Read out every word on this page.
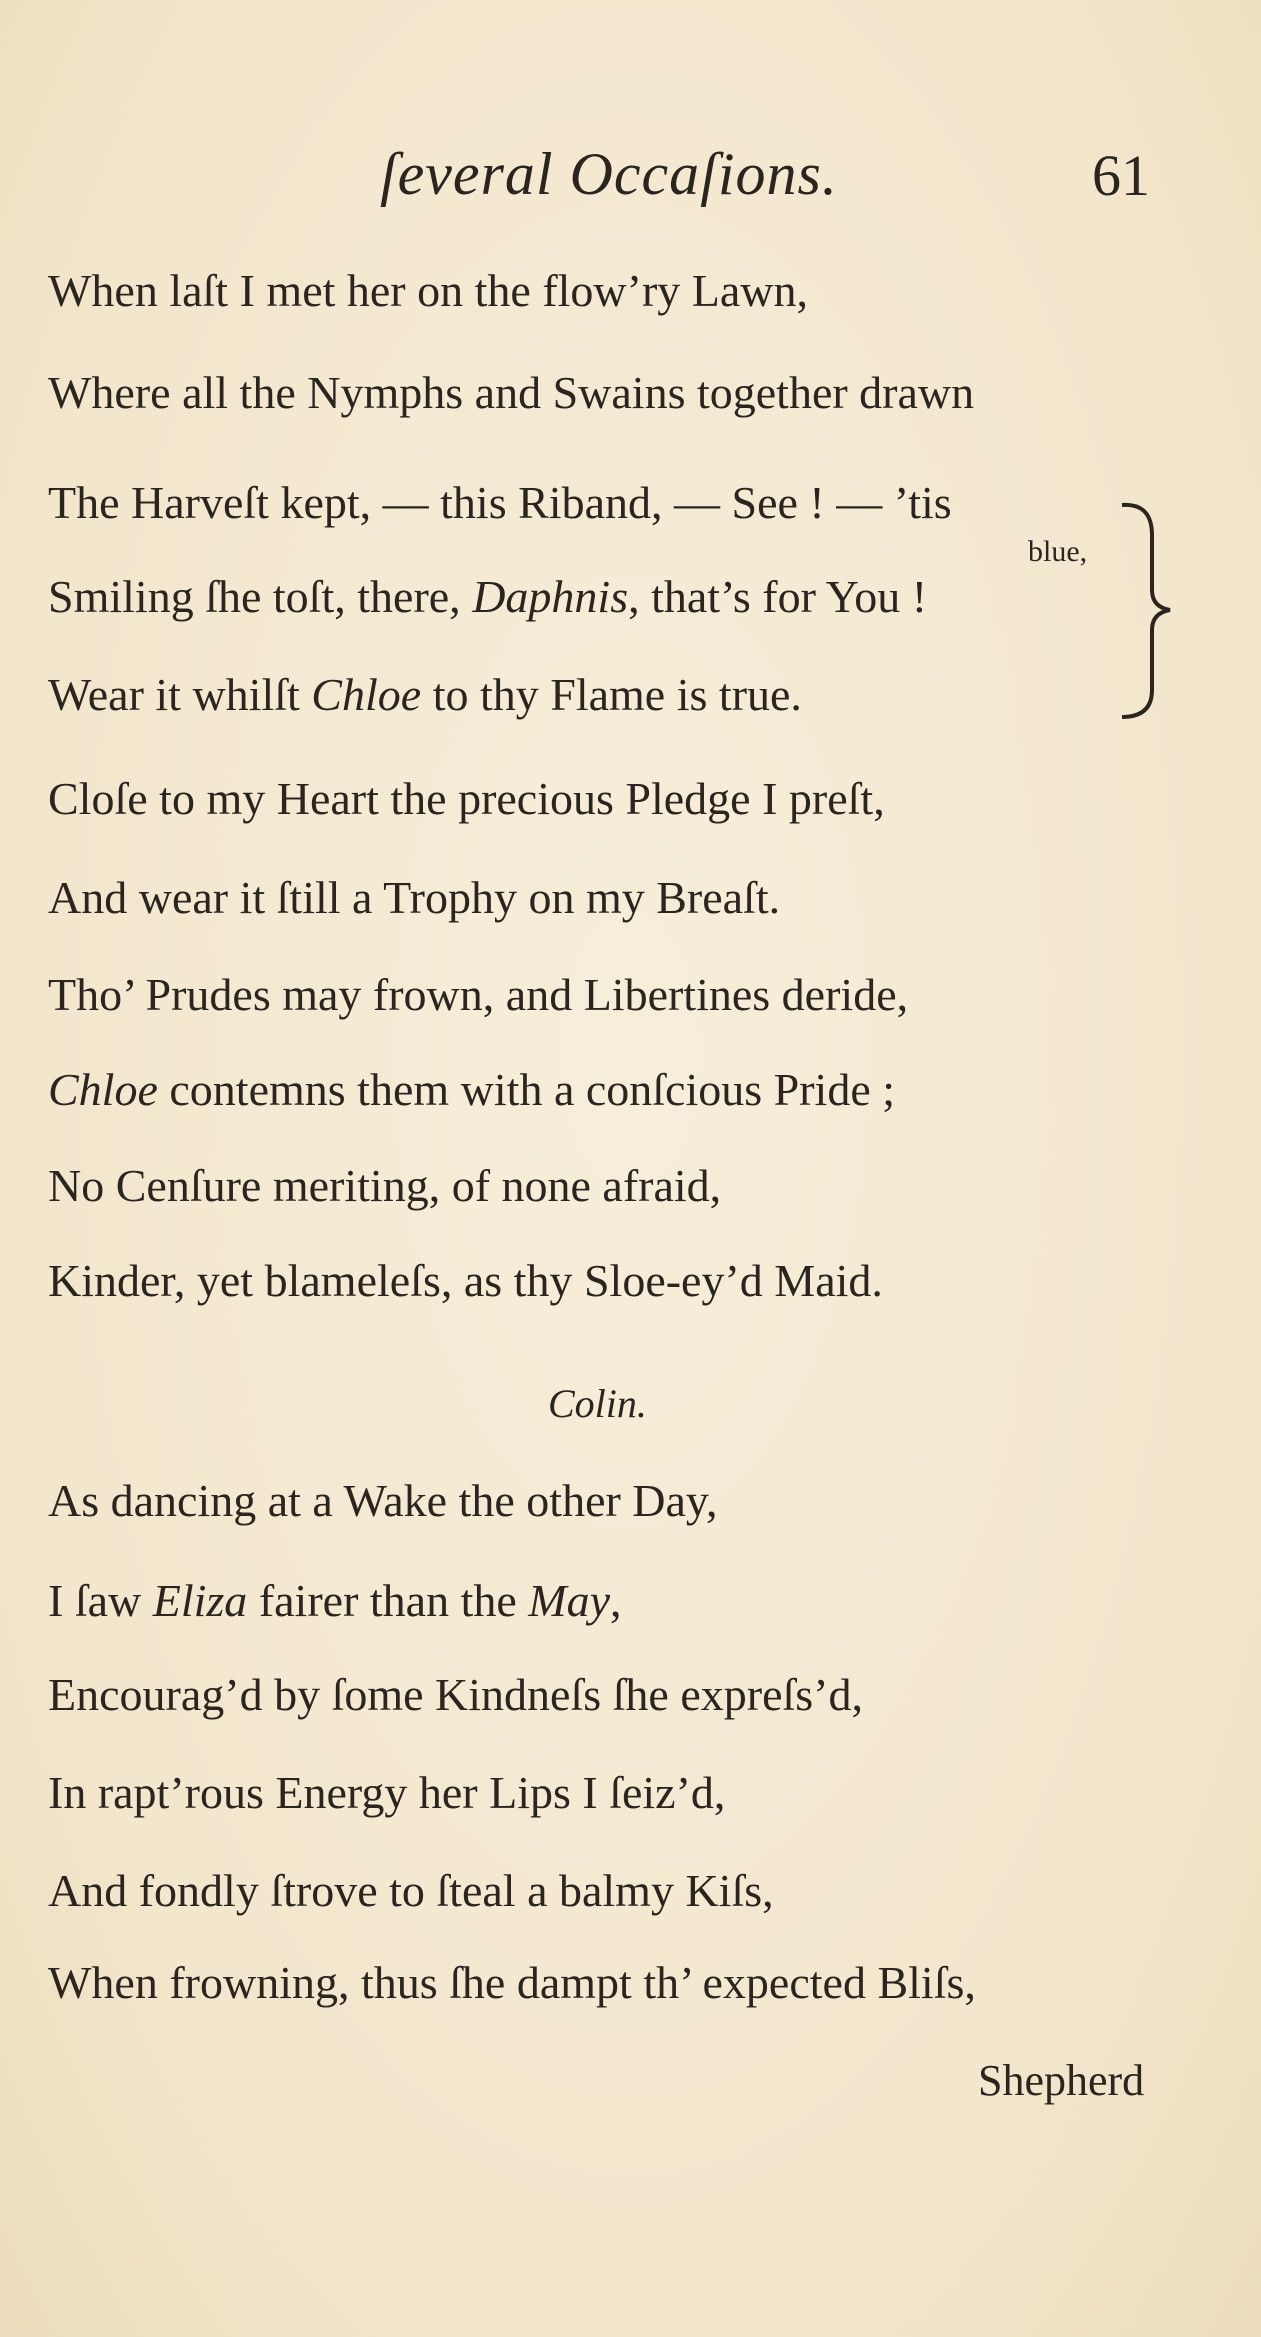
ſeveral Occaſions.	61
When laſt I met her on the flow’ry Lawn,
Where all the Nymphs and Swains together drawn
The Harveſt kept, — this Riband, — See ! — ’tis
blue,
Smiling ſhe toſt, there, Daphnis, that’s for You !
Wear it whilſt Chloe to thy Flame is true.
Cloſe to my Heart the precious Pledge I preſt,
And wear it ſtill a Trophy on my Breaſt.
Tho’ Prudes may frown, and Libertines deride,
Chloe contemns them with a conſcious Pride ;
No Cenſure meriting, of none afraid,
Kinder, yet blameleſs, as thy Sloe-ey’d Maid.
Colin.
As dancing at a Wake the other Day,
I ſaw Eliza fairer than the May,
Encourag’d by ſome Kindneſs ſhe expreſs’d,
In rapt’rous Energy her Lips I ſeiz’d,
And fondly ſtrove to ſteal a balmy Kiſs,
When frowning, thus ſhe dampt th’ expected Bliſs,
Shepherd
